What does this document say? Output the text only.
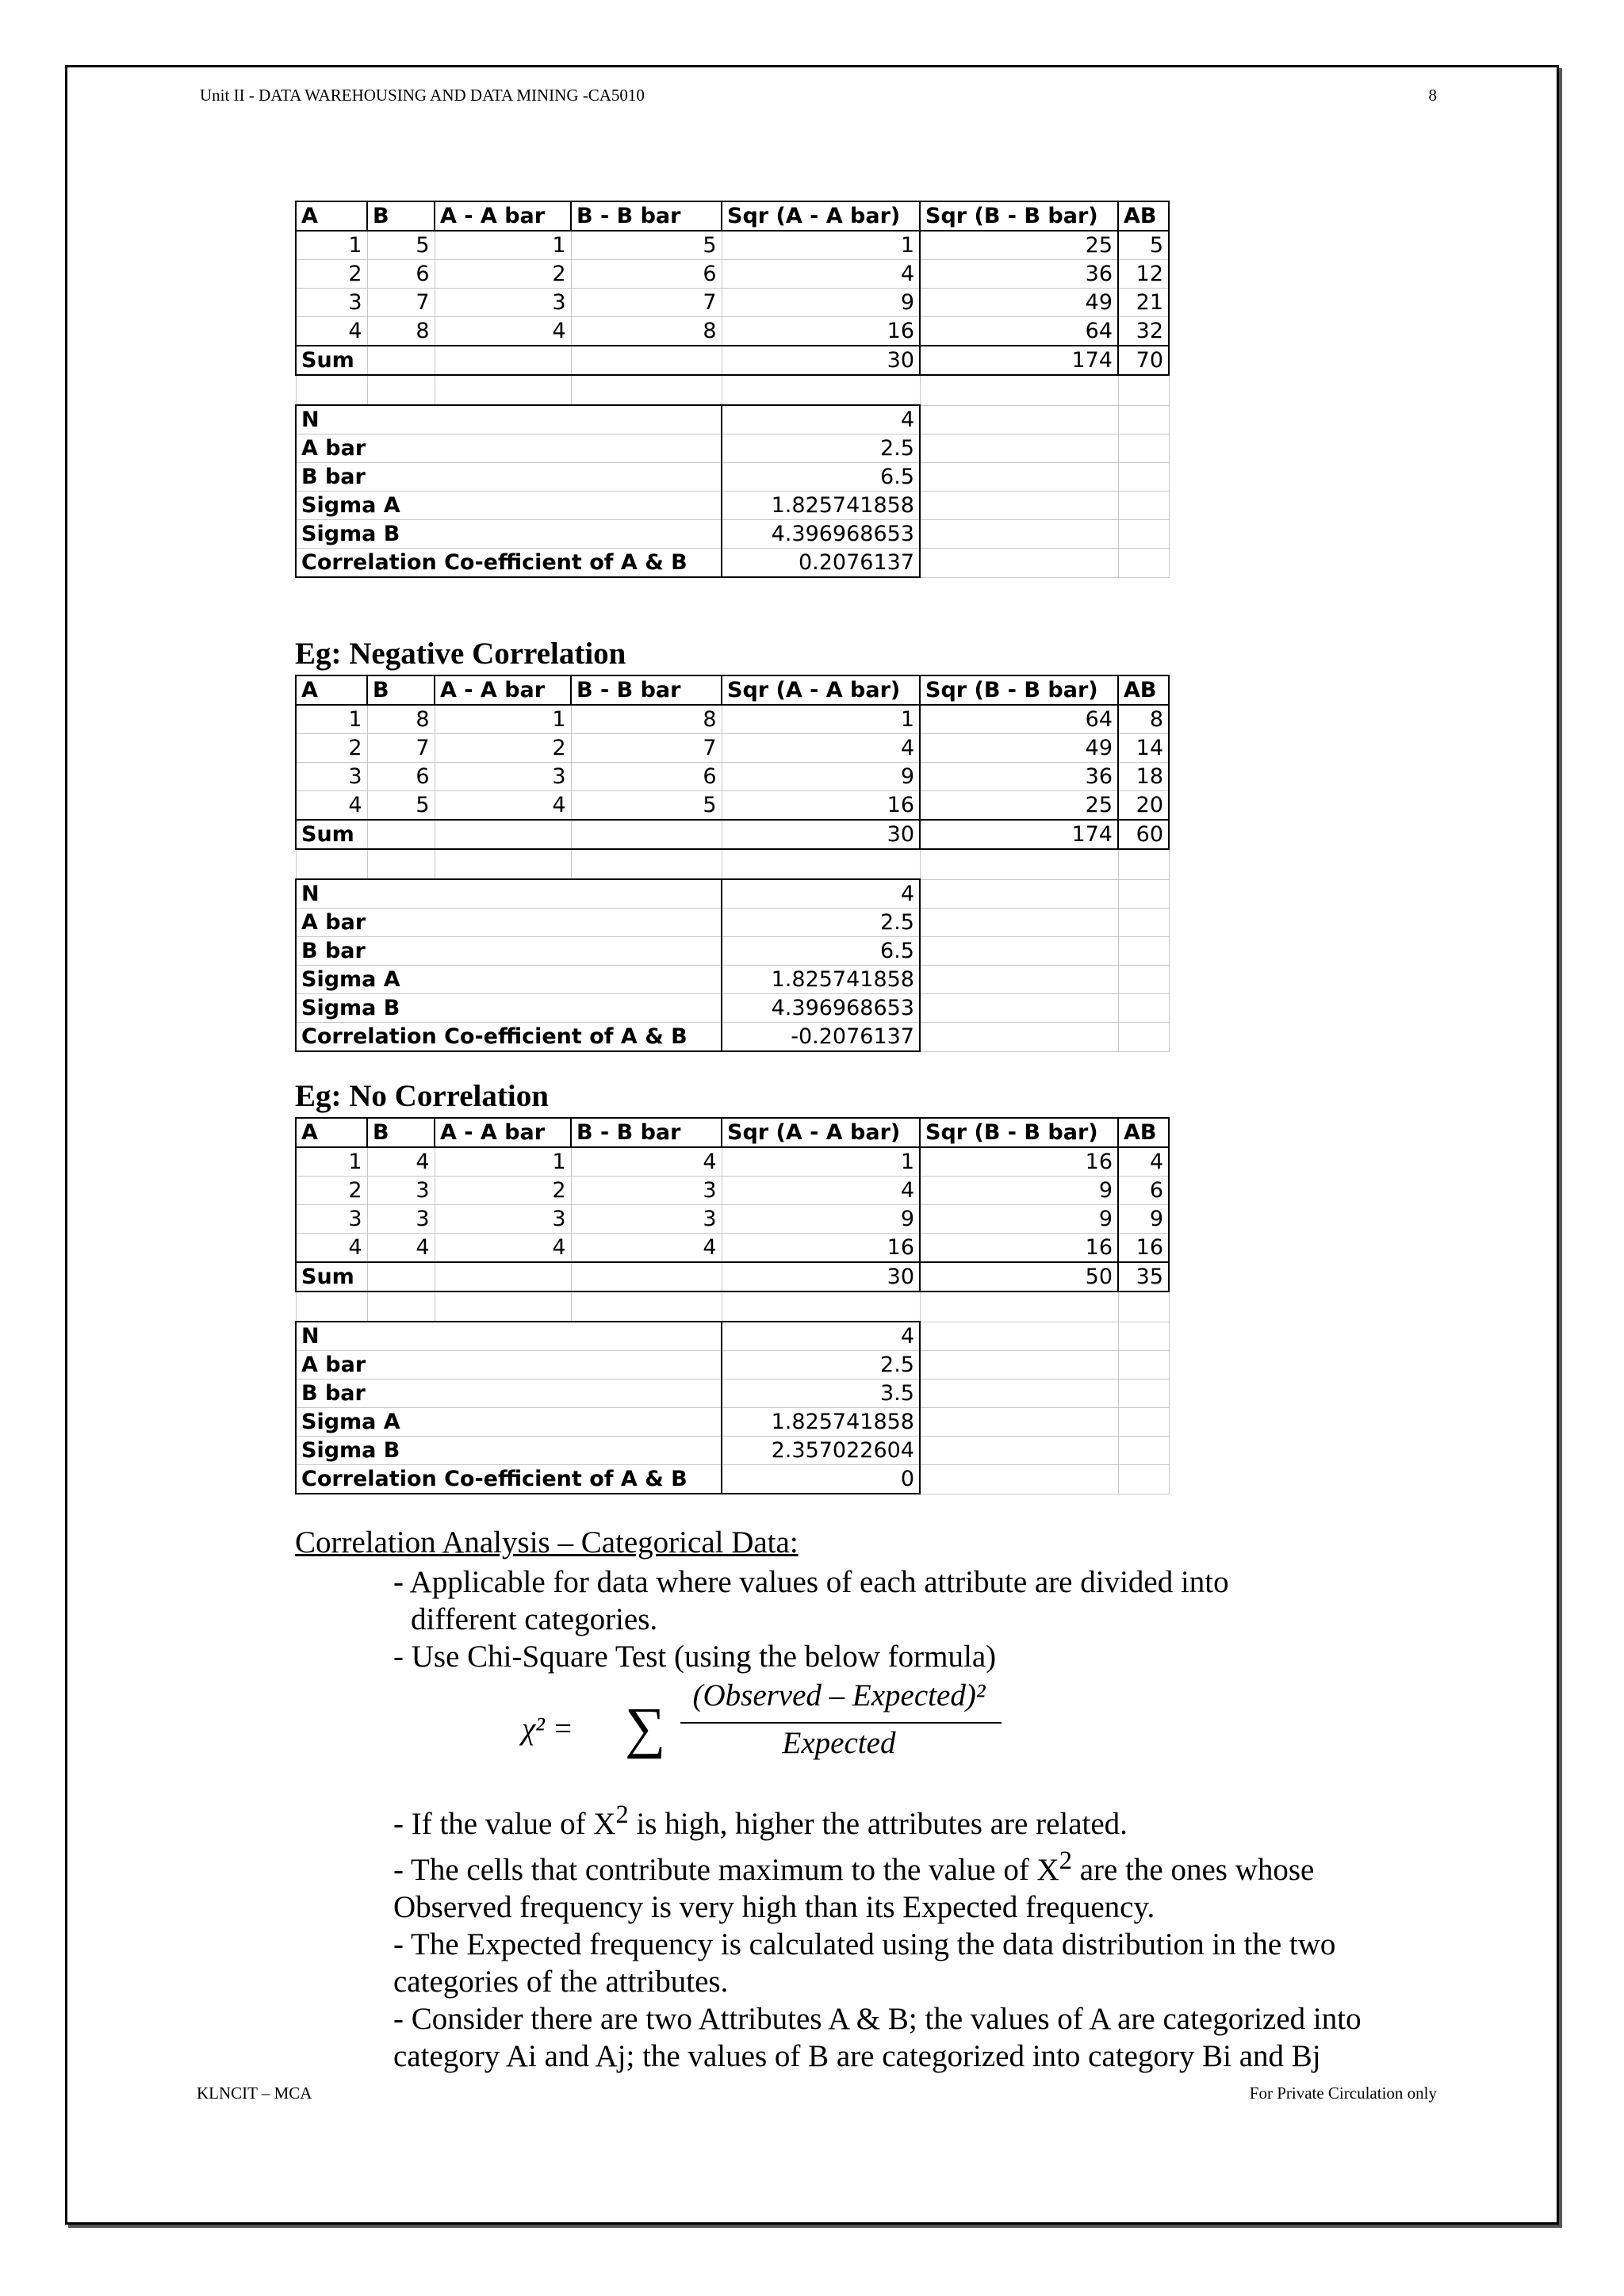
Unit II - DATA WAREHOUSING AND DATA MINING -CA5010	8
A	B	A - A bar	B - B bar	Sqr (A - A bar)	Sqr (B - B bar)	AB
1	5	1	5	1	25	5
2	6	2	6	4	36	12
3	7	3	7	9	49	21
4	8	4	8	16	64	32
Sum				30	174	70

N				4		
A bar				2.5		
B bar				6.5		
Sigma A				1.825741858		
Sigma B				4.396968653		
Correlation Co-efficient of A & B				0.2076137		
Eg: Negative Correlation
A	B	A - A bar	B - B bar	Sqr (A - A bar)	Sqr (B - B bar)	AB
1	8	1	8	1	64	8
2	7	2	7	4	49	14
3	6	3	6	9	36	18
4	5	4	5	16	25	20
Sum				30	174	60

N				4		
A bar				2.5		
B bar				6.5		
Sigma A				1.825741858		
Sigma B				4.396968653		
Correlation Co-efficient of A & B				-0.2076137		
Eg: No Correlation
A	B	A - A bar	B - B bar	Sqr (A - A bar)	Sqr (B - B bar)	AB
1	4	1	4	1	16	4
2	3	2	3	4	9	6
3	3	3	3	9	9	9
4	4	4	4	16	16	16
Sum				30	50	35

N				4		
A bar				2.5		
B bar				3.5		
Sigma A				1.825741858		
Sigma B				2.357022604		
Correlation Co-efficient of A & B				0		
Correlation Analysis – Categorical Data:

- Applicable for data where values of each attribute are divided into

different categories.

- Use Chi-Square Test (using the below formula)

χ² = ∑
(Observed – Expected)²
Expected

- If the value of $X^2$ is high, higher the attributes are related.

- The cells that contribute maximum to the value of $X^2$ are the ones whose

Observed frequency is very high than its Expected frequency.

- The Expected frequency is calculated using the data distribution in the two

categories of the attributes.

- Consider there are two Attributes A & B; the values of A are categorized into

category Ai and Aj; the values of B are categorized into category Bi and Bj

KLNCIT – MCA	For Private Circulation only
